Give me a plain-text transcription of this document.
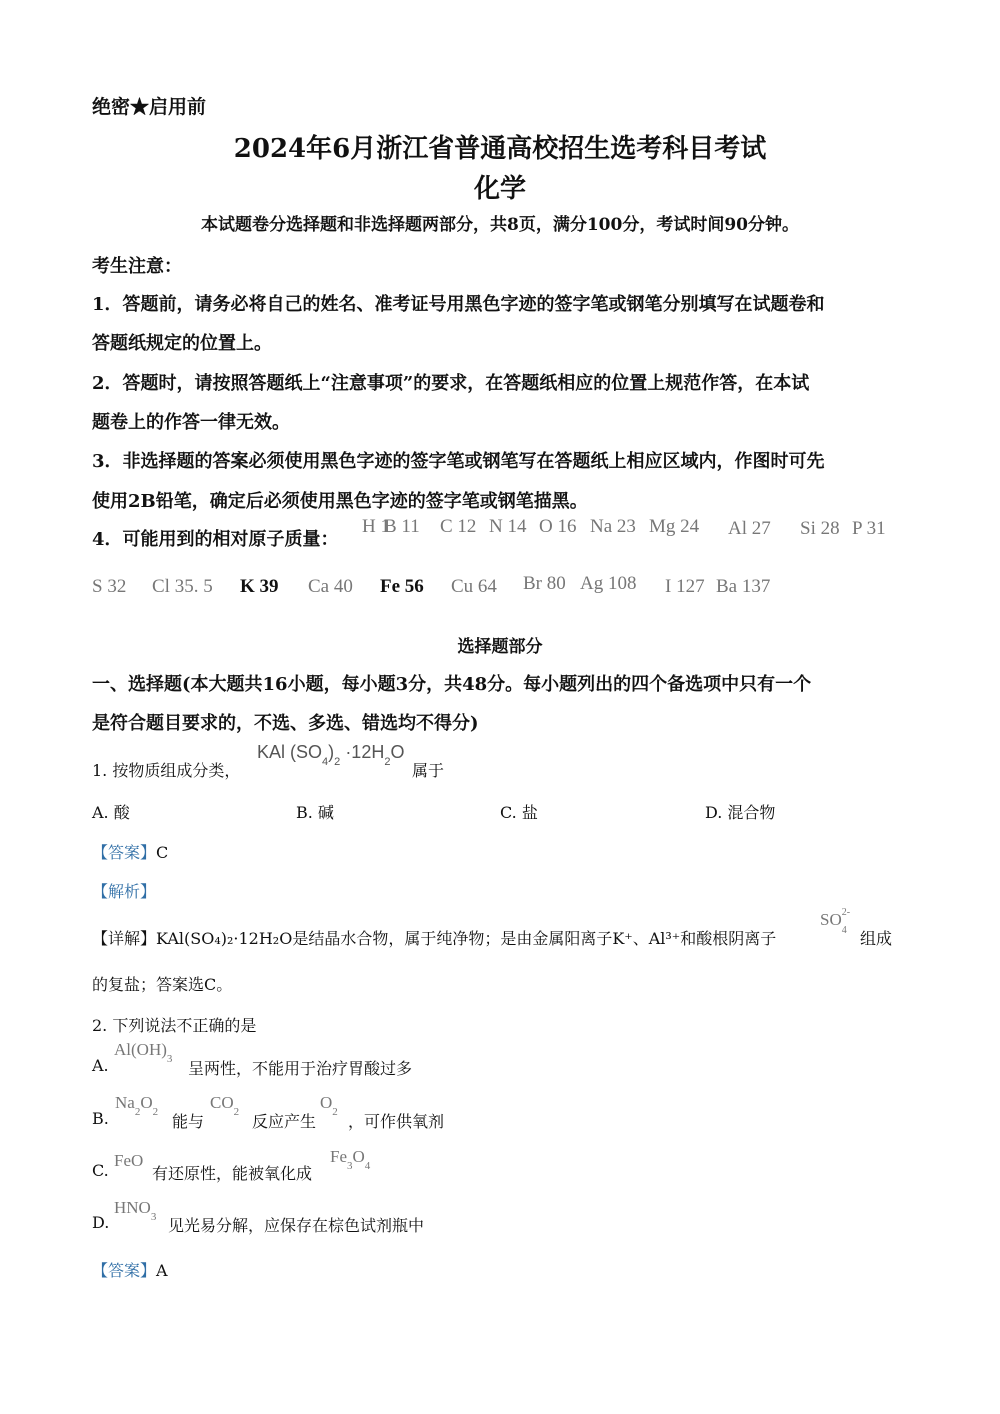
绝密★启用前
2024年6月浙江省普通高校招生选考科目考试
化学
本试题卷分选择题和非选择题两部分，共8页，满分100分，考试时间90分钟。
考生注意：
1．答题前，请务必将自己的姓名、准考证号用黑色字迹的签字笔或钢笔分别填写在试题卷和
答题纸规定的位置上。
2．答题时，请按照答题纸上“注意事项”的要求，在答题纸相应的位置上规范作答，在本试
题卷上的作答一律无效。
3．非选择题的答案必须使用黑色字迹的签字笔或钢笔写在答题纸上相应区域内，作图时可先
使用2B铅笔，确定后必须使用黑色字迹的签字笔或钢笔描黑。
4．可能用到的相对原子质量：
H 1
B 11 C 12 N 14 O 16 Na 23 Mg 24 Al 27 Si 28 P 31
S 32 Cl 35. 5 K 39 Ca 40 Fe 56 Cu 64 Br 80 Ag 108 I 127 Ba 137
选择题部分
一、选择题(本大题共16小题，每小题3分，共48分。每小题列出的四个备选项中只有一个
是符合题目要求的，不选、多选、错选均不得分)
1. 按物质组成分类，
KAl $(SO_4)_2 \cdot 12H_2O$
属于
A. 酸	B. 碱	C. 盐	D. 混合物
【答案】C
【解析】
【详解】KAl(SO₄)₂·12H₂O是结晶水合物，属于纯净物；是由金属阳离子K⁺、Al³⁺和酸根阴离子
SO 2-
4 组成
的复盐；答案选C。
2. 下列说法不正确的是
A.
$Al(OH)_3$ 呈两性，不能用于治疗胃酸过多
B.
$Na_2O_2$ 能与
$CO_2$ 反应产生
$O_2$ ，可作供氧剂
C.
FeO
有还原性，能被氧化成
$Fe_3O_4$
D.
$HNO_3$ 见光易分解，应保存在棕色试剂瓶中
【答案】A
